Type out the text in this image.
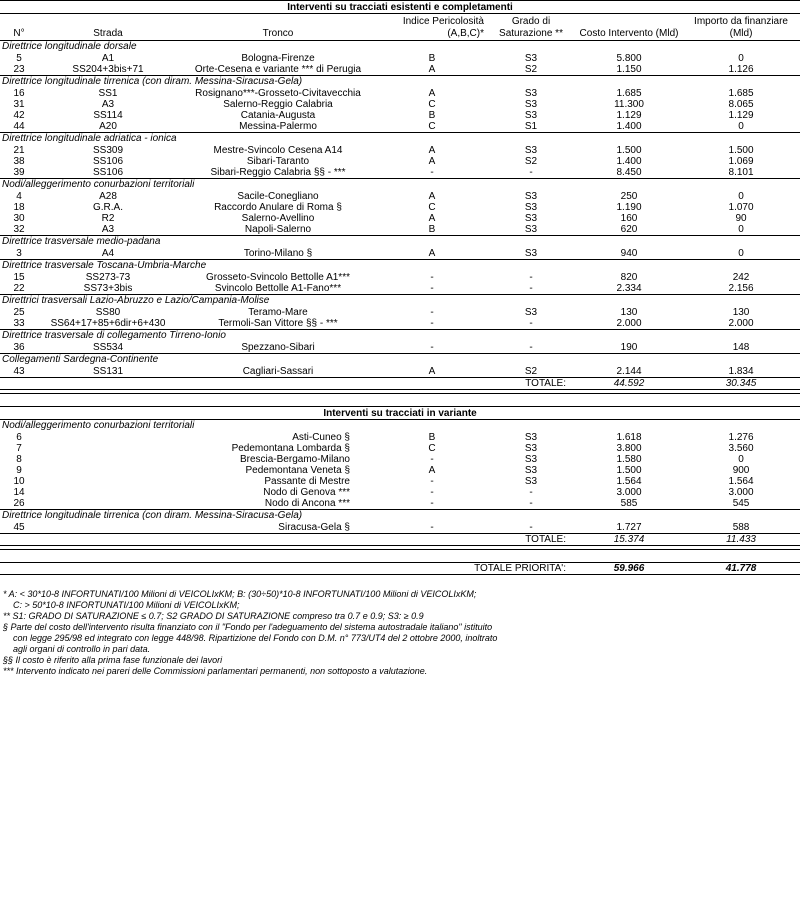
Interventi su tracciati esistenti e completamenti						
N°	Strada	Tronco	Indice Pericolosità (A,B,C)*	Grado di Saturazione **	Costo Intervento (Mld)	Importo da finanziare (Mld)
Direttrice longitudinale dorsale						
5	A1	Bologna-Firenze	B	S3	5.800	0
23	SS204+3bis+71	Orte-Cesena e variante *** di Perugia	A	S2	1.150	1.126
Direttrice longitudinale tirrenica (con diram. Messina-Siracusa-Gela)						
16	SS1	Rosignano***-Grosseto-Civitavecchia	A	S3	1.685	1.685
31	A3	Salerno-Reggio Calabria	C	S3	11.300	8.065
42	SS114	Catania-Augusta	B	S3	1.129	1.129
44	A20	Messina-Palermo	C	S1	1.400	0
Direttrice longitudinale adriatica - ionica						
21	SS309	Mestre-Svincolo Cesena A14	A	S3	1.500	1.500
38	SS106	Sibari-Taranto	A	S2	1.400	1.069
39	SS106	Sibari-Reggio Calabria §§ - ***	-	-	8.450	8.101
Nodi/alleggerimento conurbazioni territoriali						
4	A28	Sacile-Conegliano	A	S3	250	0
18	G.R.A.	Raccordo Anulare di Roma §	C	S3	1.190	1.070
30	R2	Salerno-Avellino	A	S3	160	90
32	A3	Napoli-Salerno	B	S3	620	0
Direttrice trasversale medio-padana						
3	A4	Torino-Milano §	A	S3	940	0
Direttrice trasversale Toscana-Umbria-Marche						
15	SS273-73	Grosseto-Svincolo Bettolle A1***	-	-	820	242
22	SS73+3bis	Svincolo Bettolle A1-Fano***	-	-	2.334	2.156
Direttrici trasversali Lazio-Abruzzo e Lazio/Campania-Molise						
25	SS80	Teramo-Mare	-	S3	130	130
33	SS64+17+85+6dir+6+430	Termoli-San Vittore §§ - ***	-	-	2.000	2.000
Direttrice trasversale di collegamento Tirreno-Ionio						
36	SS534	Spezzano-Sibari	-	-	190	148
Collegamenti Sardegna-Continente						
43	SS131	Cagliari-Sassari	A	S2	2.144	1.834
TOTALE:					44.592	30.345

Interventi su tracciati in variante						
Nodi/alleggerimento conurbazioni territoriali						
6		Asti-Cuneo §	B	S3	1.618	1.276
7		Pedemontana Lombarda §	C	S3	3.800	3.560
8		Brescia-Bergamo-Milano	-	S3	1.580	0
9		Pedemontana Veneta §	A	S3	1.500	900
10		Passante di Mestre	-	S3	1.564	1.564
14		Nodo di Genova ***	-	-	3.000	3.000
26		Nodo di Ancona ***	-	-	585	545
Direttrice longitudinale tirrenica (con diram. Messina-Siracusa-Gela)						
45		Siracusa-Gela §	-	-	1.727	588
TOTALE:					15.374	11.433

TOTALE PRIORITA':					59.966	41.778
* A: < 30*10-8 INFORTUNATI/100 Milioni di VEICOLIxKM; B: (30÷50)*10-8 INFORTUNATI/100 Milioni di VEICOLIxKM;
C: > 50*10-8 INFORTUNATI/100 Milioni di VEICOLIxKM;
** S1: GRADO DI SATURAZIONE ≤ 0.7; S2 GRADO DI SATURAZIONE compreso tra 0.7 e 0.9; S3: ≥ 0.9
§ Parte del costo dell'intervento risulta finanziato con il "Fondo per l'adeguamento del sistema autostradale italiano" istituito
con legge 295/98 ed integrato con legge 448/98. Ripartizione del Fondo con D.M. n° 773/UT4 del 2 ottobre 2000, inoltrato
agli organi di controllo in pari data.
§§ Il costo è riferito alla prima fase funzionale dei lavori
*** Intervento indicato nei pareri delle Commissioni parlamentari permanenti, non sottoposto a valutazione.
